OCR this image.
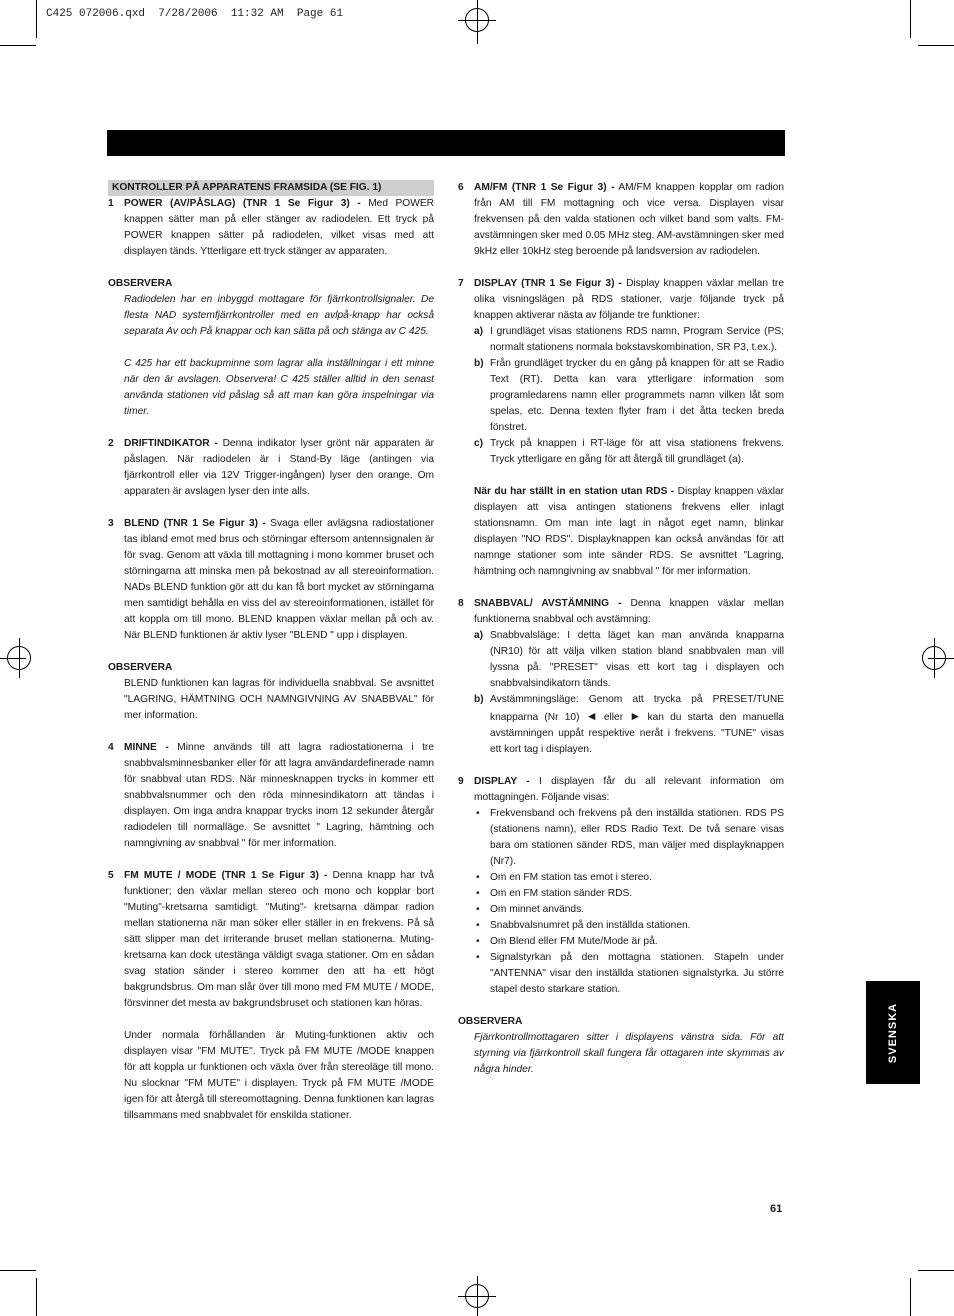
C425 072006.qxd  7/28/2006  11:32 AM  Page 61
KONTROLLER PÅ APPARATENS FRAMSIDA (SE FIG. 1)
1 POWER (AV/PÅSLAG) (TNR 1 Se Figur 3) - Med POWER knappen sätter man på eller stänger av radiodelen. Ett tryck på POWER knappen sätter på radiodelen, vilket visas med att displayen tänds. Ytterligare ett tryck stänger av apparaten.
OBSERVERA
Radiodelen har en inbyggd mottagare för fjärrkontrollsignaler. De flesta NAD systemfjärrkontroller med en avlpå-knapp har också separata Av och På knappar och kan sätta på och stänga av C 425.
C 425 har ett backupminne som lagrar alla inställningar i ett minne när den är avslagen. Observera! C 425 ställer alltid in den senast använda stationen vid påslag så att man kan göra inspelningar via timer.
2 DRIFTINDIKATOR - Denna indikator lyser grönt när apparaten är påslagen. När radiodelen är i Stand-By läge (antingen via fjärrkontroll eller via 12V Trigger-ingången) lyser den orange. Om apparaten är avslagen lyser den inte alls.
3 BLEND (TNR 1 Se Figur 3) - Svaga eller avlägsna radiostationer tas ibland emot med brus och störningar eftersom antennsignalen är för svag. Genom att växla till mottagning i mono kommer bruset och störningarna att minska men på bekostnad av all stereoinformation. NADs BLEND funktion gör att du kan få bort mycket av störningarna men samtidigt behålla en viss del av stereoinformationen, istället för att koppla om till mono. BLEND knappen växlar mellan på och av. När BLEND funktionen är aktiv lyser "BLEND " upp i displayen.
OBSERVERA
BLEND funktionen kan lagras för individuella snabbval. Se avsnittet "LAGRING, HÄMTNING OCH NAMNGIVNING AV SNABBVAL" för mer information.
4 MINNE - Minne används till att lagra radiostationerna i tre snabbvalsminnesbanker eller för att lagra användardefinerade namn för snabbval utan RDS. När minnesknappen trycks in kommer ett snabbvalsnummer och den röda minnesindikatorn att tändas i displayen. Om inga andra knappar trycks inom 12 sekunder återgår radiodelen till normalläge. Se avsnittet " Lagring, hämtning och namngivning av snabbval " för mer information.
5 FM MUTE / MODE (TNR 1 Se Figur 3) - Denna knapp har två funktioner; den växlar mellan stereo och mono och kopplar bort "Muting"-kretsarna samtidigt. "Muting"- kretsarna dämpar radion mellan stationerna när man söker eller ställer in en frekvens. På så sätt slipper man det irriterande bruset mellan stationerna. Muting-kretsarna kan dock utestänga väldigt svaga stationer. Om en sådan svag station sänder i stereo kommer den att ha ett högt bakgrundsbrus. Om man slår över till mono med FM MUTE / MODE, försvinner det mesta av bakgrundsbruset och stationen kan höras.
Under normala förhållanden är Muting-funktionen aktiv och displayen visar "FM MUTE". Tryck på FM MUTE /MODE knappen för att koppla ur funktionen och växla över från stereoläge till mono. Nu slocknar "FM MUTE" i displayen. Tryck på FM MUTE /MODE igen för att återgå till stereomottagning. Denna funktionen kan lagras tillsammans med snabbvalet för enskilda stationer.
6 AM/FM (TNR 1 Se Figur 3) - AM/FM knappen kopplar om radion från AM till FM mottagning och vice versa. Displayen visar frekvensen på den valda stationen och vilket band som valts. FM-avstämningen sker med 0.05 MHz steg. AM-avstämningen sker med 9kHz eller 10kHz steg beroende på landsversion av radiodelen.
7 DISPLAY (TNR 1 Se Figur 3) - Display knappen växlar mellan tre olika visningslägen på RDS stationer, varje följande tryck på knappen aktiverar nästa av följande tre funktioner:
a) I grundläget visas stationens RDS namn, Program Service (PS; normalt stationens normala bokstavskombination, SR P3, t.ex.).
b) Från grundläget trycker du en gång på knappen för att se Radio Text (RT). Detta kan vara ytterligare information som programledarens namn eller programmets namn vilken låt som spelas, etc. Denna texten flyter fram i det åtta tecken breda fönstret.
c) Tryck på knappen i RT-läge för att visa stationens frekvens. Tryck ytterligare en gång för att återgå till grundläget (a).
När du har ställt in en station utan RDS - Display knappen växlar displayen att visa antingen stationens frekvens eller inlagt stationsnamn. Om man inte lagt in något eget namn, blinkar displayen "NO RDS". Displayknappen kan också användas för att namnge stationer som inte sänder RDS. Se avsnittet "Lagring, hämtning och namngivning av snabbval " för mer information.
8 SNABBVAL/ AVSTÄMNING - Denna knappen växlar mellan funktionerna snabbval och avstämning:
a) Snabbvalsläge: I detta läget kan man använda knapparna (NR10) för att välja vilken station bland snabbvalen man vill lyssna på. "PRESET" visas ett kort tag i displayen och snabbvalsindikatorn tänds.
b) Avstämmningsläge: Genom att trycka på PRESET/TUNE knapparna (Nr 10) ◄ eller ► kan du starta den manuella avstämningen uppåt respektive neråt i frekvens. "TUNE" visas ett kort tag i displayen.
9 DISPLAY - I displayen får du all relevant information om mottagningen. Följande visas:
• Frekvensband och frekvens på den inställda stationen. RDS PS (stationens namn), eller RDS Radio Text. De två senare visas bara om stationen sänder RDS, man väljer med displayknappen (Nr7).
• Om en FM station tas emot i stereo.
• Om en FM station sänder RDS.
• Om minnet används.
• Snabbvalsnumret på den inställda stationen.
• Om Blend eller FM Mute/Mode är på.
• Signalstyrkan på den mottagna stationen. Stapeln under "ANTENNA" visar den inställda stationen signalstyrka. Ju större stapel desto starkare station.
OBSERVERA
Fjärrkontrollmottagaren sitter i displayens vänstra sida. För att styrning via fjärrkontroll skall fungera får ottagaren inte skymmas av några hinder.
SVENSKA
61
